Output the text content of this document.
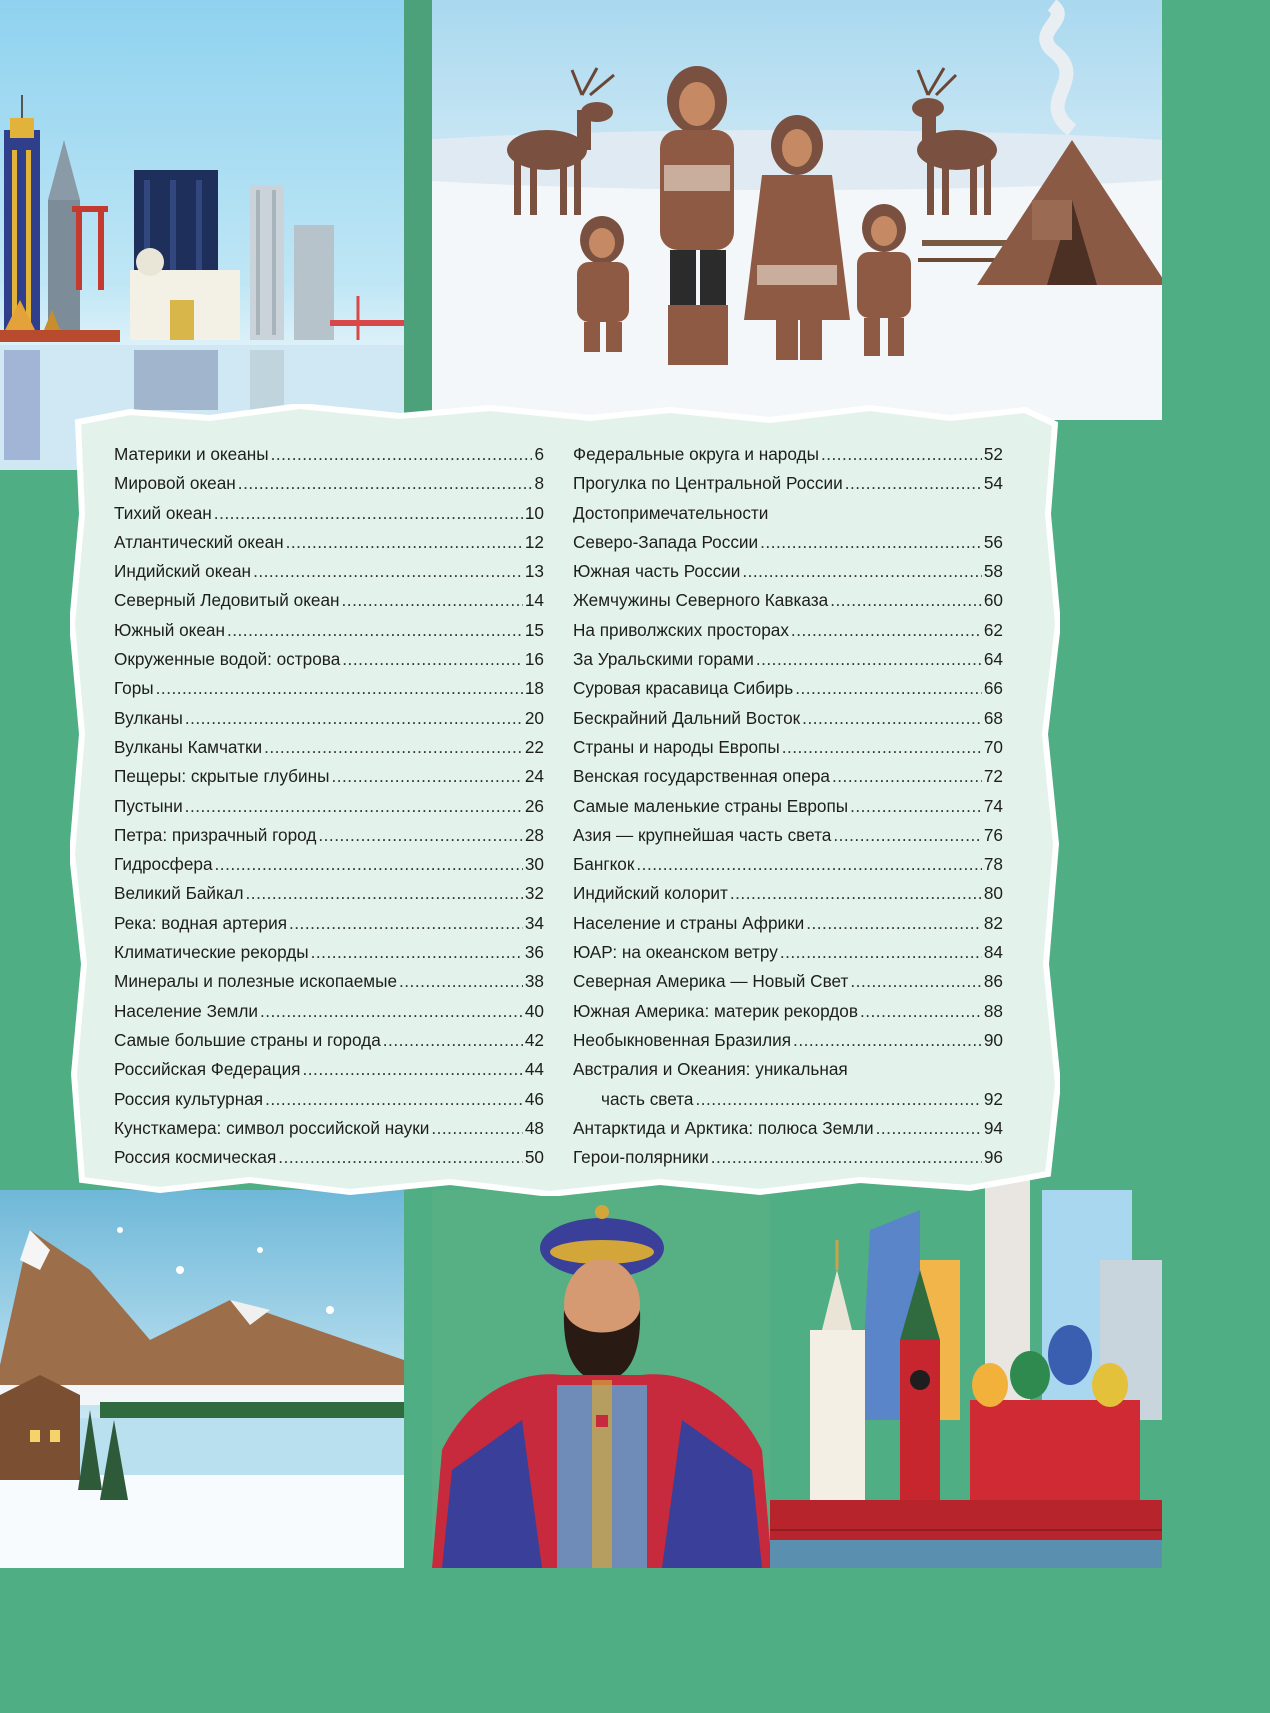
Материки и океаны .....	6
Мировой океан .....	8
Тихий океан .....	10
Атлантический океан .....	12
Индийский океан .....	13
Северный Ледовитый океан .....	14
Южный океан .....	15
Окруженные водой: острова .....	16
Горы .....	18
Вулканы .....	20
Вулканы Камчатки .....	22
Пещеры: скрытые глубины .....	24
Пустыни .....	26
Петра: призрачный город .....	28
Гидросфера .....	30
Великий Байкал .....	32
Река: водная артерия .....	34
Климатические рекорды .....	36
Минералы и полезные ископаемые .....	38
Население Земли .....	40
Самые большие страны и города .....	42
Российская Федерация .....	44
Россия культурная .....	46
Кунсткамера: символ российской науки .....	48
Россия космическая .....	50
Федеральные округа и народы .....	52
Прогулка по Центральной России .....	54
Достопримечательности
Северо-Запада России .....	56
Южная часть России .....	58
Жемчужины Северного Кавказа .....	60
На приволжских просторах .....	62
За Уральскими горами .....	64
Суровая красавица Сибирь .....	66
Бескрайний Дальний Восток .....	68
Страны и народы Европы .....	70
Венская государственная опера .....	72
Самые маленькие страны Европы .....	74
Азия — крупнейшая часть света .....	76
Бангкок .....	78
Индийский колорит .....	80
Население и страны Африки .....	82
ЮАР: на океанском ветру .....	84
Северная Америка — Новый Свет .....	86
Южная Америка: материк рекордов .....	88
Необыкновенная Бразилия .....	90
Австралия и Океания: уникальная
часть света .....	92
Антарктида и Арктика: полюса Земли .....	94
Герои-полярники .....	96
